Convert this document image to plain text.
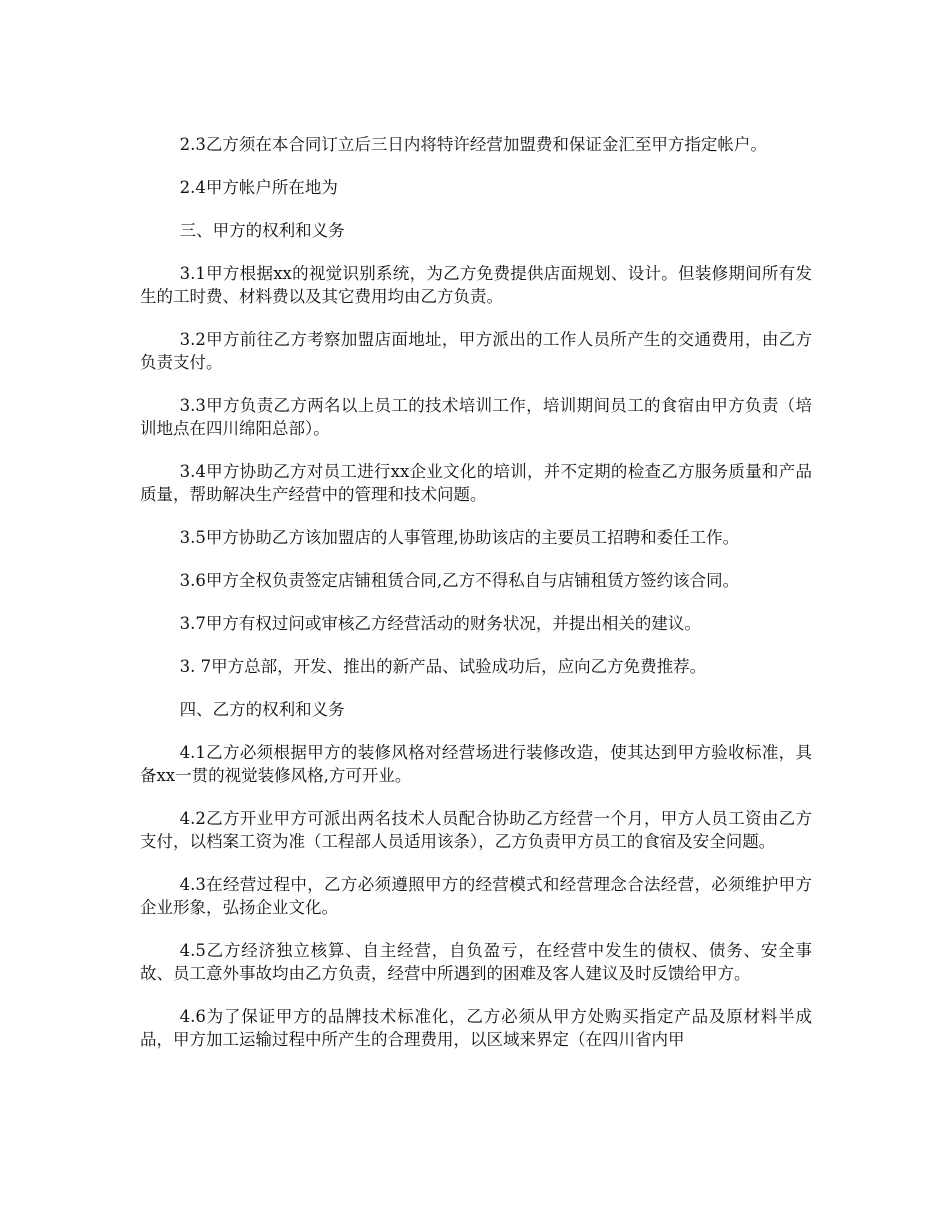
2.3乙方须在本合同订立后三日内将特许经营加盟费和保证金汇至甲方指定帐户。

2.4甲方帐户所在地为

三、甲方的权利和义务

3.1甲方根据xx的视觉识别系统，为乙方免费提供店面规划、设计。但装修期间所有发生的工时费、材料费以及其它费用均由乙方负责。

3.2甲方前往乙方考察加盟店面地址，甲方派出的工作人员所产生的交通费用，由乙方负责支付。

3.3甲方负责乙方两名以上员工的技术培训工作，培训期间员工的食宿由甲方负责（培训地点在四川绵阳总部）。

3.4甲方协助乙方对员工进行xx企业文化的培训，并不定期的检查乙方服务质量和产品质量，帮助解决生产经营中的管理和技术问题。

3.5甲方协助乙方该加盟店的人事管理,协助该店的主要员工招聘和委任工作。

3.6甲方全权负责签定店铺租赁合同,乙方不得私自与店铺租赁方签约该合同。

3.7甲方有权过问或审核乙方经营活动的财务状况，并提出相关的建议。

3. 7甲方总部，开发、推出的新产品、试验成功后，应向乙方免费推荐。

四、乙方的权利和义务

4.1乙方必须根据甲方的装修风格对经营场进行装修改造，使其达到甲方验收标准，具备xx一贯的视觉装修风格,方可开业。

4.2乙方开业甲方可派出两名技术人员配合协助乙方经营一个月，甲方人员工资由乙方支付，以档案工资为准（工程部人员适用该条），乙方负责甲方员工的食宿及安全问题。

4.3在经营过程中，乙方必须遵照甲方的经营模式和经营理念合法经营，必须维护甲方企业形象，弘扬企业文化。

4.5乙方经济独立核算、自主经营，自负盈亏，在经营中发生的债权、债务、安全事故、员工意外事故均由乙方负责，经营中所遇到的困难及客人建议及时反馈给甲方。

4.6为了保证甲方的品牌技术标准化，乙方必须从甲方处购买指定产品及原材料半成品，甲方加工运输过程中所产生的合理费用，以区域来界定（在四川省内甲
